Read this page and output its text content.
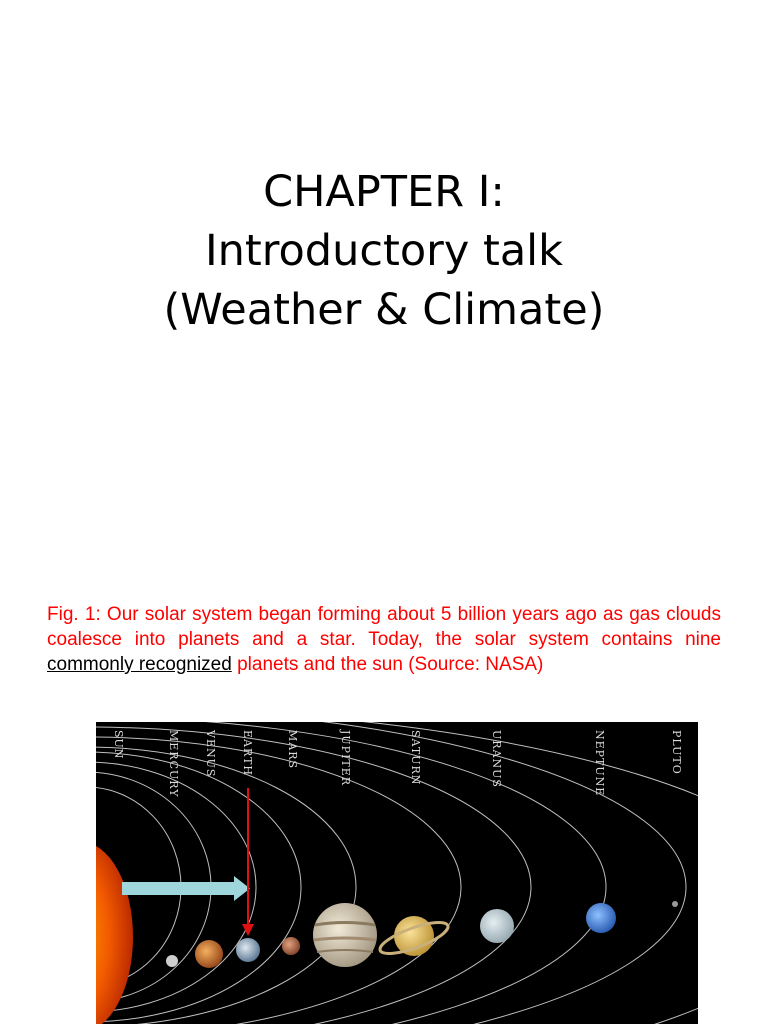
CHAPTER I:
Introductory talk
(Weather & Climate)
Fig. 1: Our solar system began forming about 5 billion years ago as gas clouds coalesce into planets and a star. Today, the solar system contains nine commonly recognized planets and the sun (Source: NASA)
SUN	MERCURY VENUS EARTH	MARS	JUPITER	SATURN	URANUS	NEPTUNE	PLUTO
